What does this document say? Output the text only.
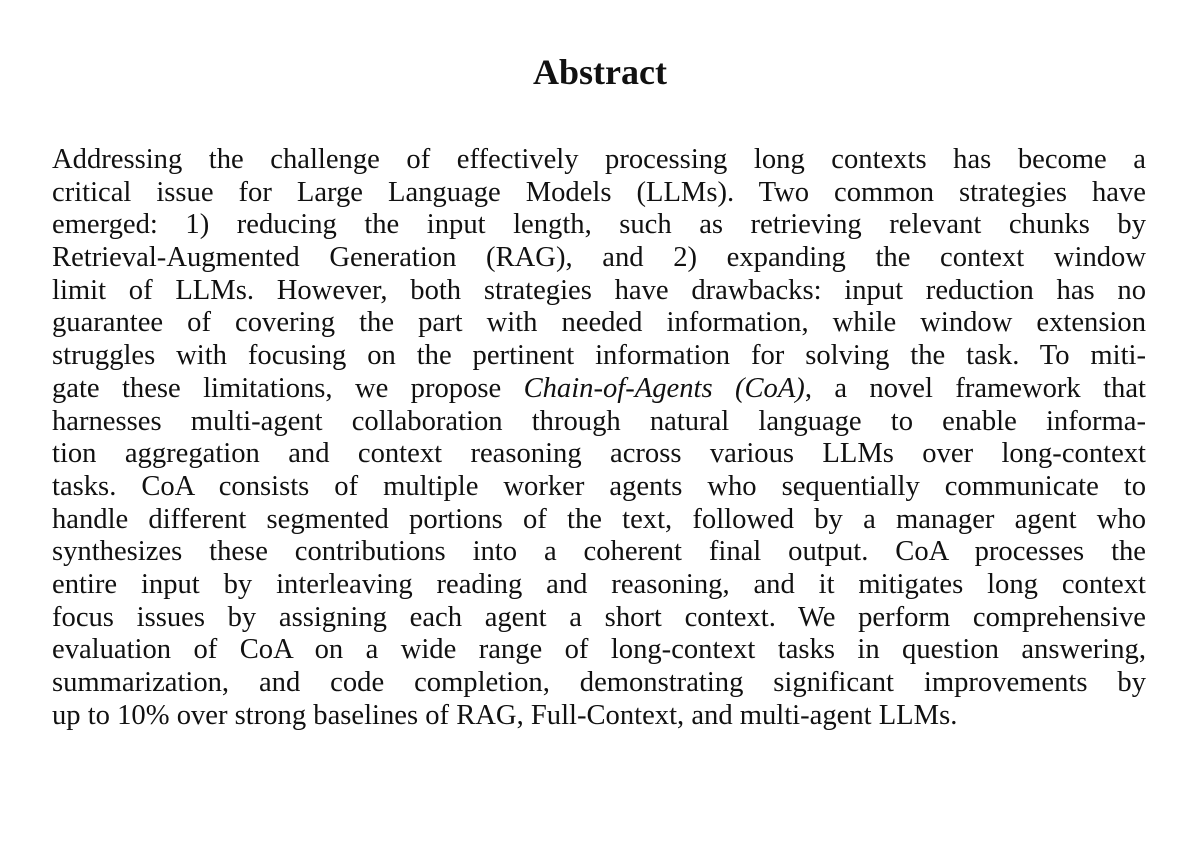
Abstract
Addressing the challenge of effectively processing long contexts has become a
critical issue for Large Language Models (LLMs). Two common strategies have
emerged: 1) reducing the input length, such as retrieving relevant chunks by
Retrieval-Augmented Generation (RAG), and 2) expanding the context window
limit of LLMs. However, both strategies have drawbacks: input reduction has no
guarantee of covering the part with needed information, while window extension
struggles with focusing on the pertinent information for solving the task. To miti-
gate these limitations, we propose Chain-of-Agents (CoA), a novel framework that
harnesses multi-agent collaboration through natural language to enable informa-
tion aggregation and context reasoning across various LLMs over long-context
tasks. CoA consists of multiple worker agents who sequentially communicate to
handle different segmented portions of the text, followed by a manager agent who
synthesizes these contributions into a coherent final output. CoA processes the
entire input by interleaving reading and reasoning, and it mitigates long context
focus issues by assigning each agent a short context. We perform comprehensive
evaluation of CoA on a wide range of long-context tasks in question answering,
summarization, and code completion, demonstrating significant improvements by
up to 10% over strong baselines of RAG, Full-Context, and multi-agent LLMs.
